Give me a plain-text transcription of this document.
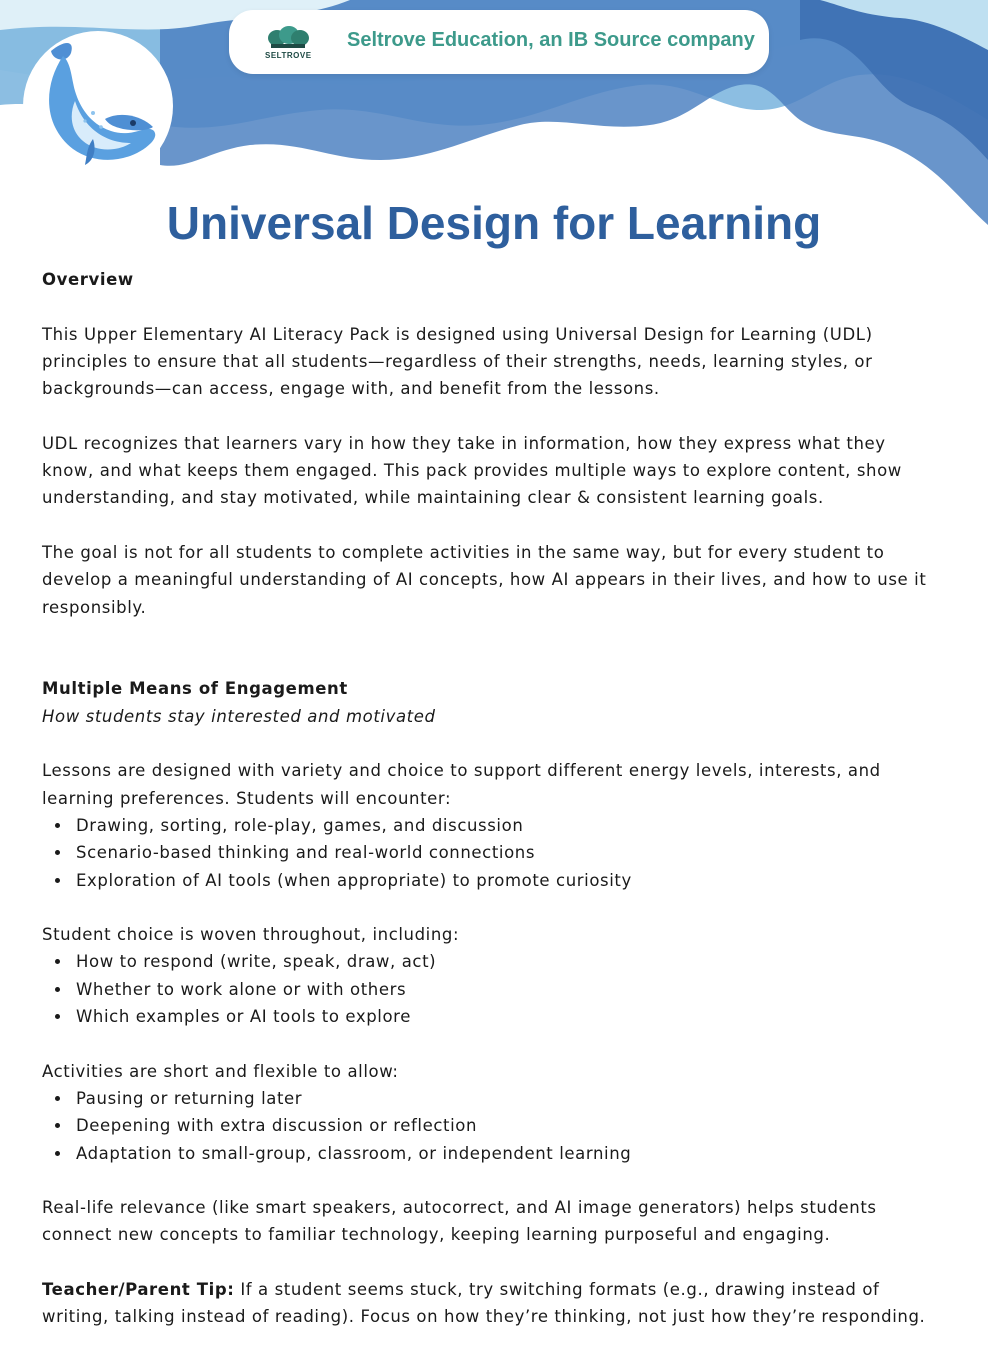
SELTROVE
Seltrove Education, an IB Source company
Universal Design for Learning

Overview

This Upper Elementary AI Literacy Pack is designed using Universal Design for Learning (UDL) principles to ensure that all students—regardless of their strengths, needs, learning styles, or backgrounds—can access, engage with, and benefit from the lessons.

UDL recognizes that learners vary in how they take in information, how they express what they know, and what keeps them engaged. This pack provides multiple ways to explore content, show understanding, and stay motivated, while maintaining clear & consistent learning goals.

The goal is not for all students to complete activities in the same way, but for every student to develop a meaningful understanding of AI concepts, how AI appears in their lives, and how to use it responsibly.

Multiple Means of Engagement

How students stay interested and motivated

Lessons are designed with variety and choice to support different energy levels, interests, and learning preferences. Students will encounter:

Drawing, sorting, role-play, games, and discussion
Scenario-based thinking and real-world connections
Exploration of AI tools (when appropriate) to promote curiosity

Student choice is woven throughout, including:

How to respond (write, speak, draw, act)
Whether to work alone or with others
Which examples or AI tools to explore

Activities are short and flexible to allow:

Pausing or returning later
Deepening with extra discussion or reflection
Adaptation to small-group, classroom, or independent learning

Real-life relevance (like smart speakers, autocorrect, and AI image generators) helps students connect new concepts to familiar technology, keeping learning purposeful and engaging.

Teacher/Parent Tip: If a student seems stuck, try switching formats (e.g., drawing instead of writing, talking instead of reading). Focus on how they’re thinking, not just how they’re responding.
